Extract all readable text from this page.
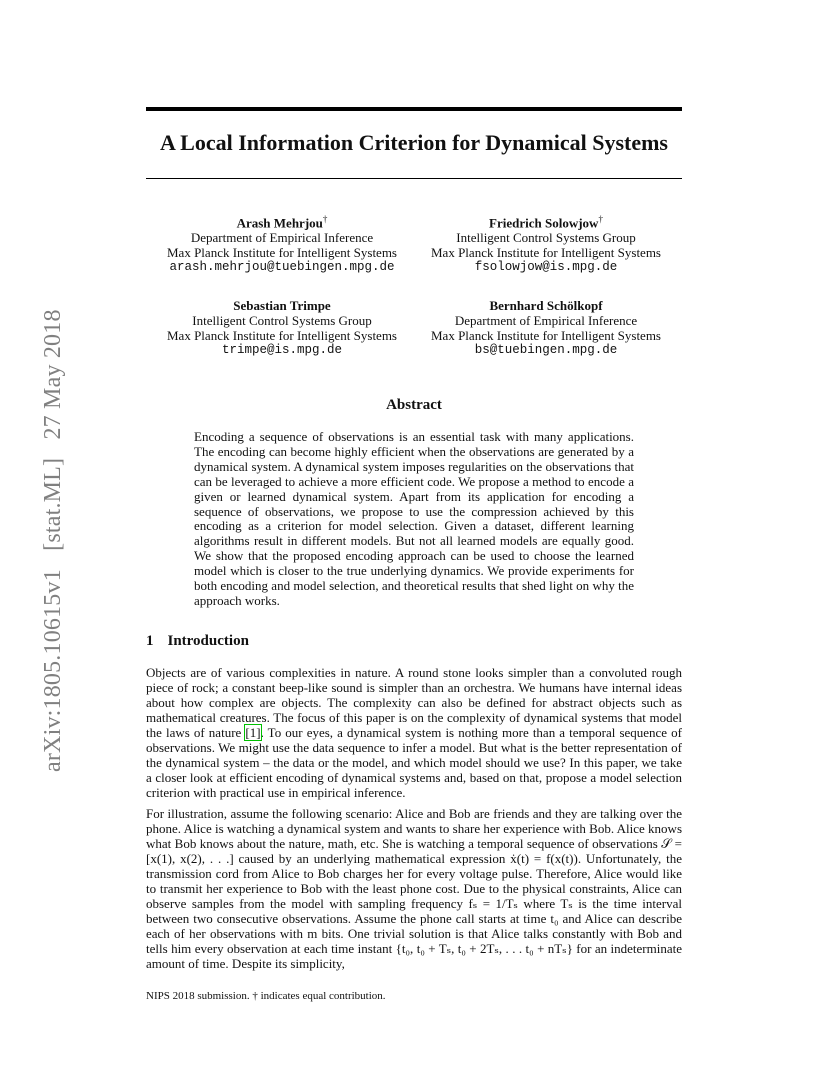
arXiv:1805.10615v1 [stat.ML] 27 May 2018
A Local Information Criterion for Dynamical Systems
Arash Mehrjou†
Department of Empirical Inference
Max Planck Institute for Intelligent Systems
arash.mehrjou@tuebingen.mpg.de
Friedrich Solowjow†
Intelligent Control Systems Group
Max Planck Institute for Intelligent Systems
fsolowjow@is.mpg.de
Sebastian Trimpe
Intelligent Control Systems Group
Max Planck Institute for Intelligent Systems
trimpe@is.mpg.de
Bernhard Schölkopf
Department of Empirical Inference
Max Planck Institute for Intelligent Systems
bs@tuebingen.mpg.de
Abstract
Encoding a sequence of observations is an essential task with many applications. The encoding can become highly efficient when the observations are generated by a dynamical system. A dynamical system imposes regularities on the observations that can be leveraged to achieve a more efficient code. We propose a method to encode a given or learned dynamical system. Apart from its application for encoding a sequence of observations, we propose to use the compression achieved by this encoding as a criterion for model selection. Given a dataset, different learning algorithms result in different models. But not all learned models are equally good. We show that the proposed encoding approach can be used to choose the learned model which is closer to the true underlying dynamics. We provide experiments for both encoding and model selection, and theoretical results that shed light on why the approach works.
1 Introduction
Objects are of various complexities in nature. A round stone looks simpler than a convoluted rough piece of rock; a constant beep-like sound is simpler than an orchestra. We humans have internal ideas about how complex are objects. The complexity can also be defined for abstract objects such as mathematical creatures. The focus of this paper is on the complexity of dynamical systems that model the laws of nature [1]. To our eyes, a dynamical system is nothing more than a temporal sequence of observations. We might use the data sequence to infer a model. But what is the better representation of the dynamical system – the data or the model, and which model should we use? In this paper, we take a closer look at efficient encoding of dynamical systems and, based on that, propose a model selection criterion with practical use in empirical inference.
For illustration, assume the following scenario: Alice and Bob are friends and they are talking over the phone. Alice is watching a dynamical system and wants to share her experience with Bob. Alice knows what Bob knows about the nature, math, etc. She is watching a temporal sequence of observations 𝒮 = [x(1), x(2), . . .] caused by an underlying mathematical expression ẋ(t) = f(x(t)). Unfortunately, the transmission cord from Alice to Bob charges her for every voltage pulse. Therefore, Alice would like to transmit her experience to Bob with the least phone cost. Due to the physical constraints, Alice can observe samples from the model with sampling frequency fₛ = 1/Tₛ where Tₛ is the time interval between two consecutive observations. Assume the phone call starts at time t₀ and Alice can describe each of her observations with m bits. One trivial solution is that Alice talks constantly with Bob and tells him every observation at each time instant {t₀, t₀ + Tₛ, t₀ + 2Tₛ, . . . t₀ + nTₛ} for an indeterminate amount of time. Despite its simplicity,
NIPS 2018 submission. † indicates equal contribution.
